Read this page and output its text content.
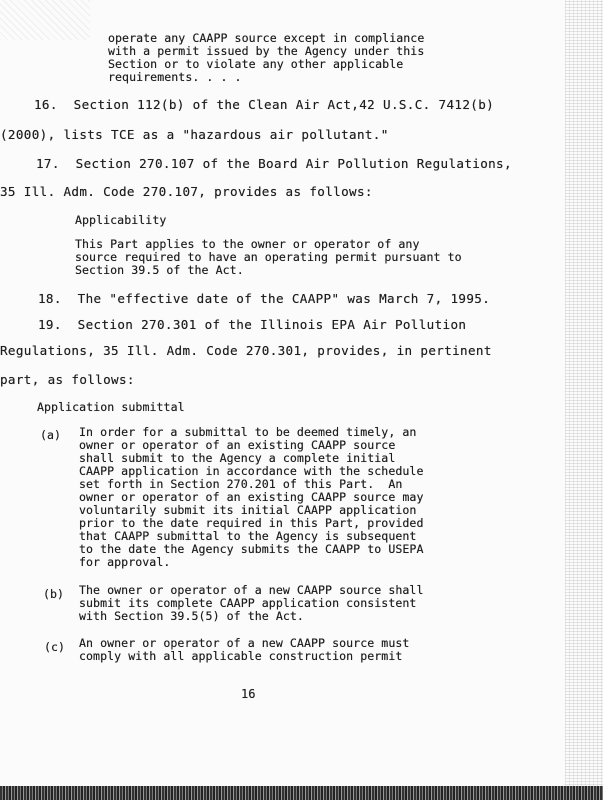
operate any CAAPP source except in compliance
with a permit issued by the Agency under this
Section or to violate any other applicable
requirements. . . .
16.  Section 112(b) of the Clean Air Act,42 U.S.C. 7412(b)
(2000), lists TCE as a "hazardous air pollutant."
17.  Section 270.107 of the Board Air Pollution Regulations,
35 Ill. Adm. Code 270.107, provides as follows:
Applicability
This Part applies to the owner or operator of any
source required to have an operating permit pursuant to
Section 39.5 of the Act.
18.  The "effective date of the CAAPP" was March 7, 1995.
19.  Section 270.301 of the Illinois EPA Air Pollution
Regulations, 35 Ill. Adm. Code 270.301, provides, in pertinent
part, as follows:
Application submittal
(a) In order for a submittal to be deemed timely, an
owner or operator of an existing CAAPP source
shall submit to the Agency a complete initial
CAAPP application in accordance with the schedule
set forth in Section 270.201 of this Part.  An
owner or operator of an existing CAAPP source may
voluntarily submit its initial CAAPP application
prior to the date required in this Part, provided
that CAAPP submittal to the Agency is subsequent
to the date the Agency submits the CAAPP to USEPA
for approval.
(b) The owner or operator of a new CAAPP source shall
submit its complete CAAPP application consistent
with Section 39.5(5) of the Act.
(c) An owner or operator of a new CAAPP source must
comply with all applicable construction permit
16
